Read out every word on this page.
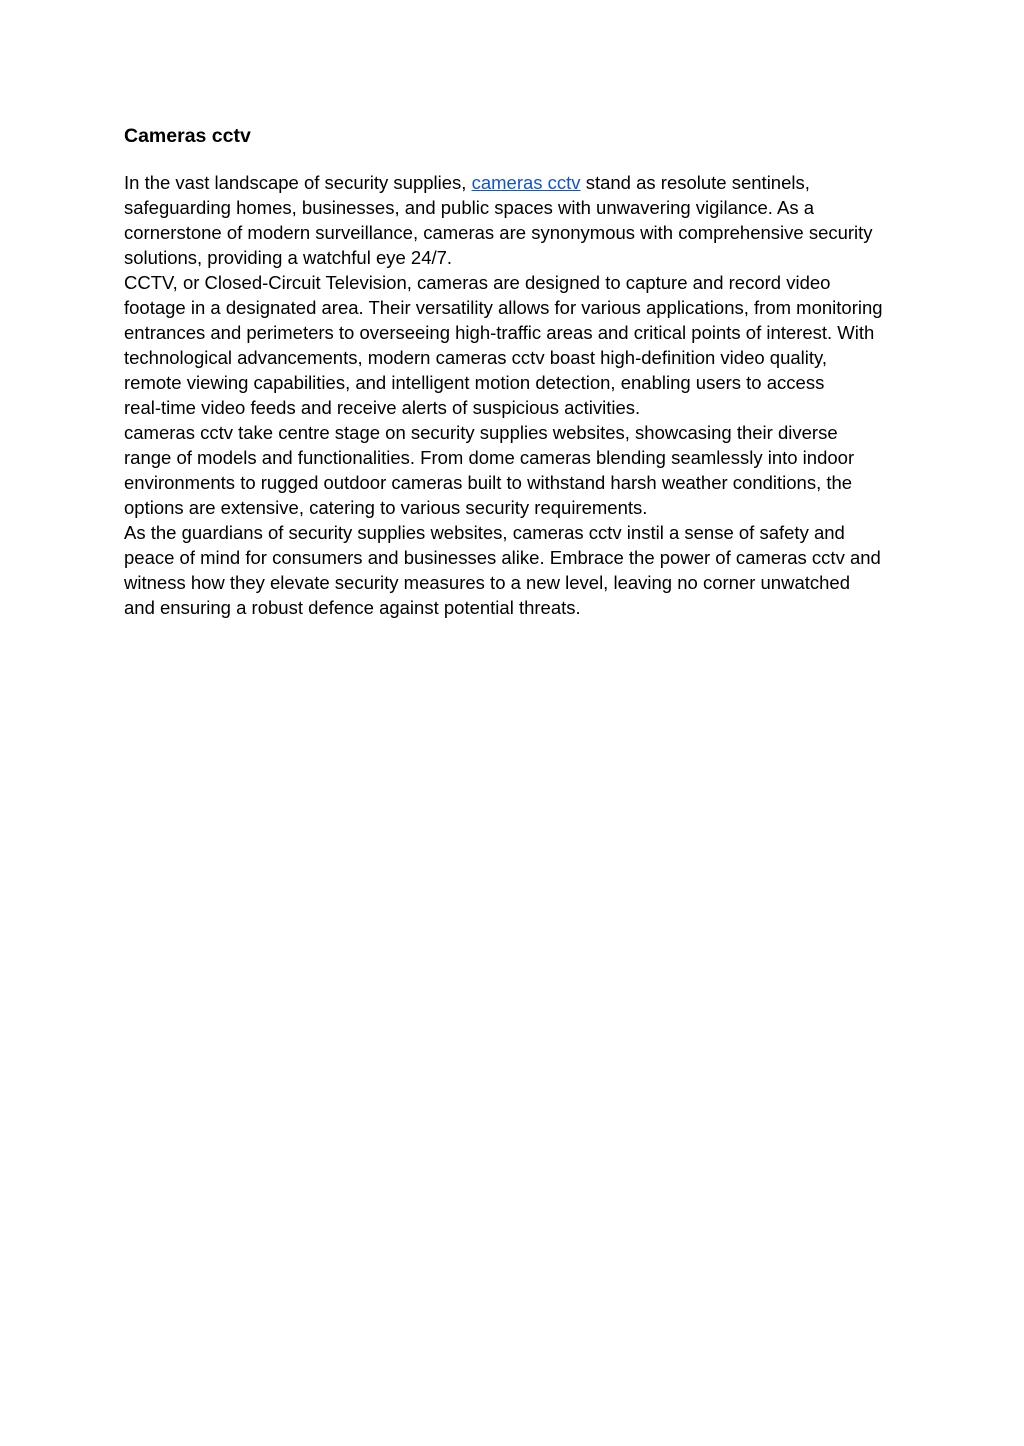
Cameras cctv

In the vast landscape of security supplies, cameras cctv stand as resolute sentinels,
safeguarding homes, businesses, and public spaces with unwavering vigilance. As a
cornerstone of modern surveillance, cameras are synonymous with comprehensive security
solutions, providing a watchful eye 24/7.

CCTV, or Closed-Circuit Television, cameras are designed to capture and record video
footage in a designated area. Their versatility allows for various applications, from monitoring
entrances and perimeters to overseeing high-traffic areas and critical points of interest. With
technological advancements, modern cameras cctv boast high-definition video quality,
remote viewing capabilities, and intelligent motion detection, enabling users to access
real-time video feeds and receive alerts of suspicious activities.

cameras cctv take centre stage on security supplies websites, showcasing their diverse
range of models and functionalities. From dome cameras blending seamlessly into indoor
environments to rugged outdoor cameras built to withstand harsh weather conditions, the
options are extensive, catering to various security requirements.

As the guardians of security supplies websites, cameras cctv instil a sense of safety and
peace of mind for consumers and businesses alike. Embrace the power of cameras cctv and
witness how they elevate security measures to a new level, leaving no corner unwatched
and ensuring a robust defence against potential threats.
